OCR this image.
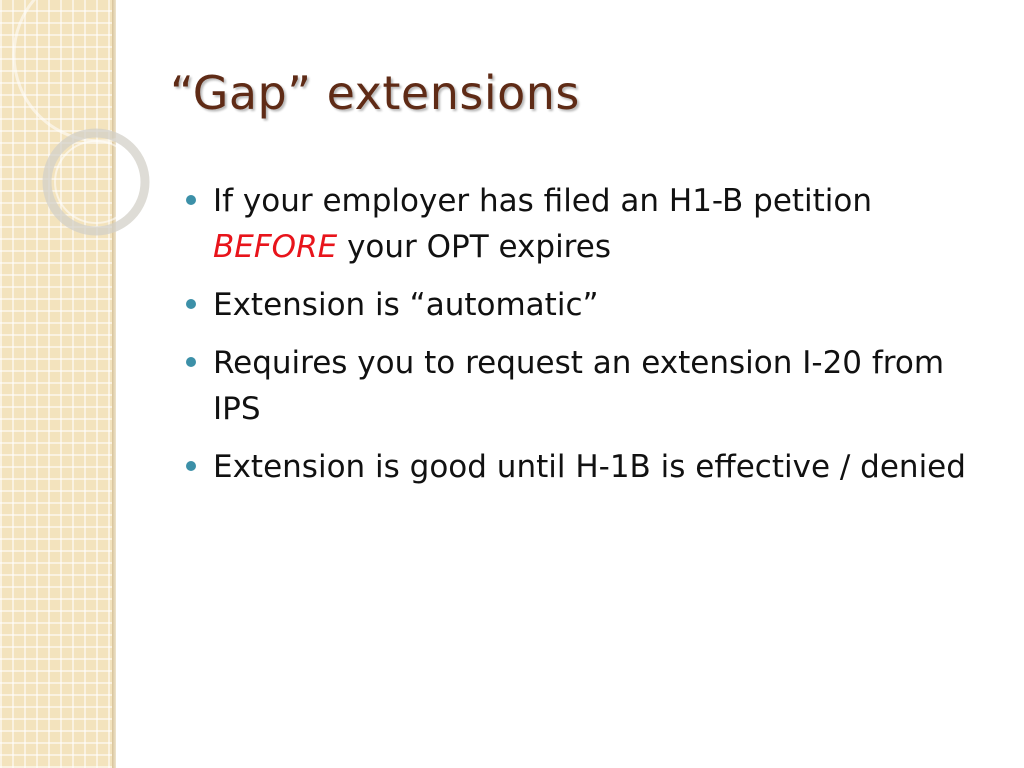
“Gap” extensions
If your employer has filed an H1-B petition BEFORE your OPT expires
Extension is “automatic”
Requires you to request an extension I-20 from IPS
Extension is good until H-1B is effective / denied
